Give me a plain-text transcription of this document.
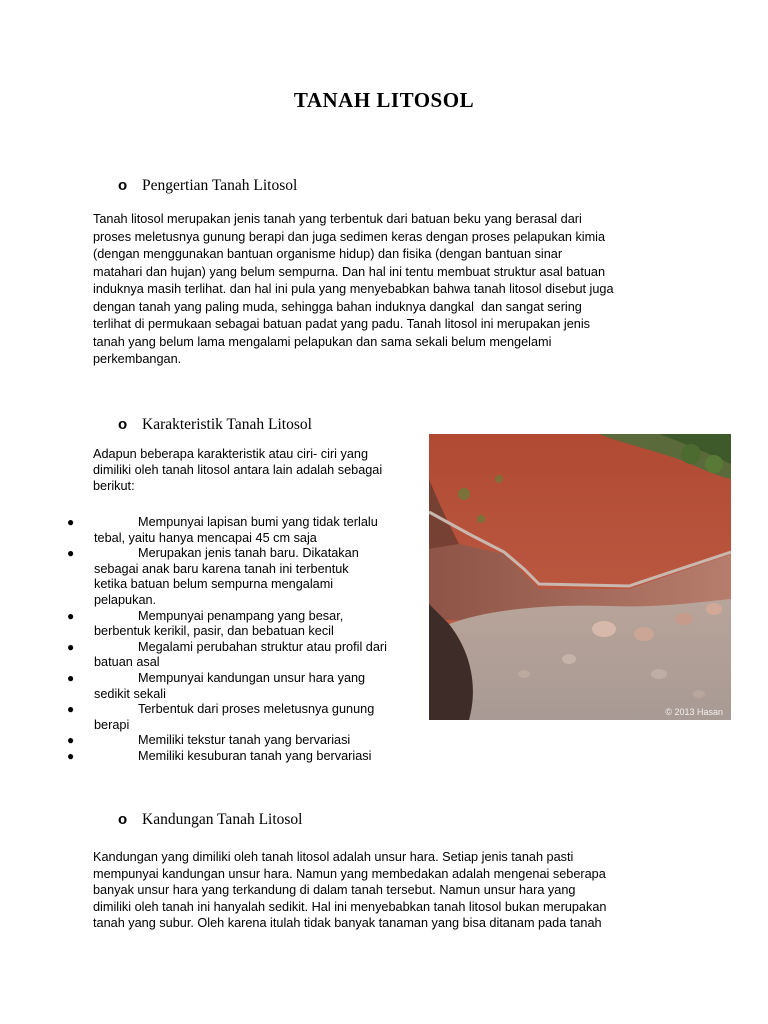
TANAH LITOSOL
o Pengertian Tanah Litosol

Tanah litosol merupakan jenis tanah yang terbentuk dari batuan beku yang berasal dari
proses meletusnya gunung berapi dan juga sedimen keras dengan proses pelapukan kimia
(dengan menggunakan bantuan organisme hidup) dan fisika (dengan bantuan sinar
matahari dan hujan) yang belum sempurna. Dan hal ini tentu membuat struktur asal batuan
induknya masih terlihat. dan hal ini pula yang menyebabkan bahwa tanah litosol disebut juga
dengan tanah yang paling muda, sehingga bahan induknya dangkal  dan sangat sering
terlihat di permukaan sebagai batuan padat yang padu. Tanah litosol ini merupakan jenis
tanah yang belum lama mengalami pelapukan dan sama sekali belum mengelami
perkembangan.

o Karakteristik Tanah Litosol

Adapun beberapa karakteristik atau ciri- ciri yang
dimiliki oleh tanah litosol antara lain adalah sebagai
berikut:

●	Mempunyai lapisan bumi yang tidak terlalu
tebal, yaitu hanya mencapai 45 cm saja
●	Merupakan jenis tanah baru. Dikatakan
sebagai anak baru karena tanah ini terbentuk
ketika batuan belum sempurna mengalami
pelapukan.
●	Mempunyai penampang yang besar,
berbentuk kerikil, pasir, dan bebatuan kecil
●	Megalami perubahan struktur atau profil dari
batuan asal
●	Mempunyai kandungan unsur hara yang
sedikit sekali
●	Terbentuk dari proses meletusnya gunung
berapi
●	Memiliki tekstur tanah yang bervariasi
●	Memiliki kesuburan tanah yang bervariasi
© 2013 Hasan
o Kandungan Tanah Litosol

Kandungan yang dimiliki oleh tanah litosol adalah unsur hara. Setiap jenis tanah pasti
mempunyai kandungan unsur hara. Namun yang membedakan adalah mengenai seberapa
banyak unsur hara yang terkandung di dalam tanah tersebut. Namun unsur hara yang
dimiliki oleh tanah ini hanyalah sedikit. Hal ini menyebabkan tanah litosol bukan merupakan
tanah yang subur. Oleh karena itulah tidak banyak tanaman yang bisa ditanam pada tanah
